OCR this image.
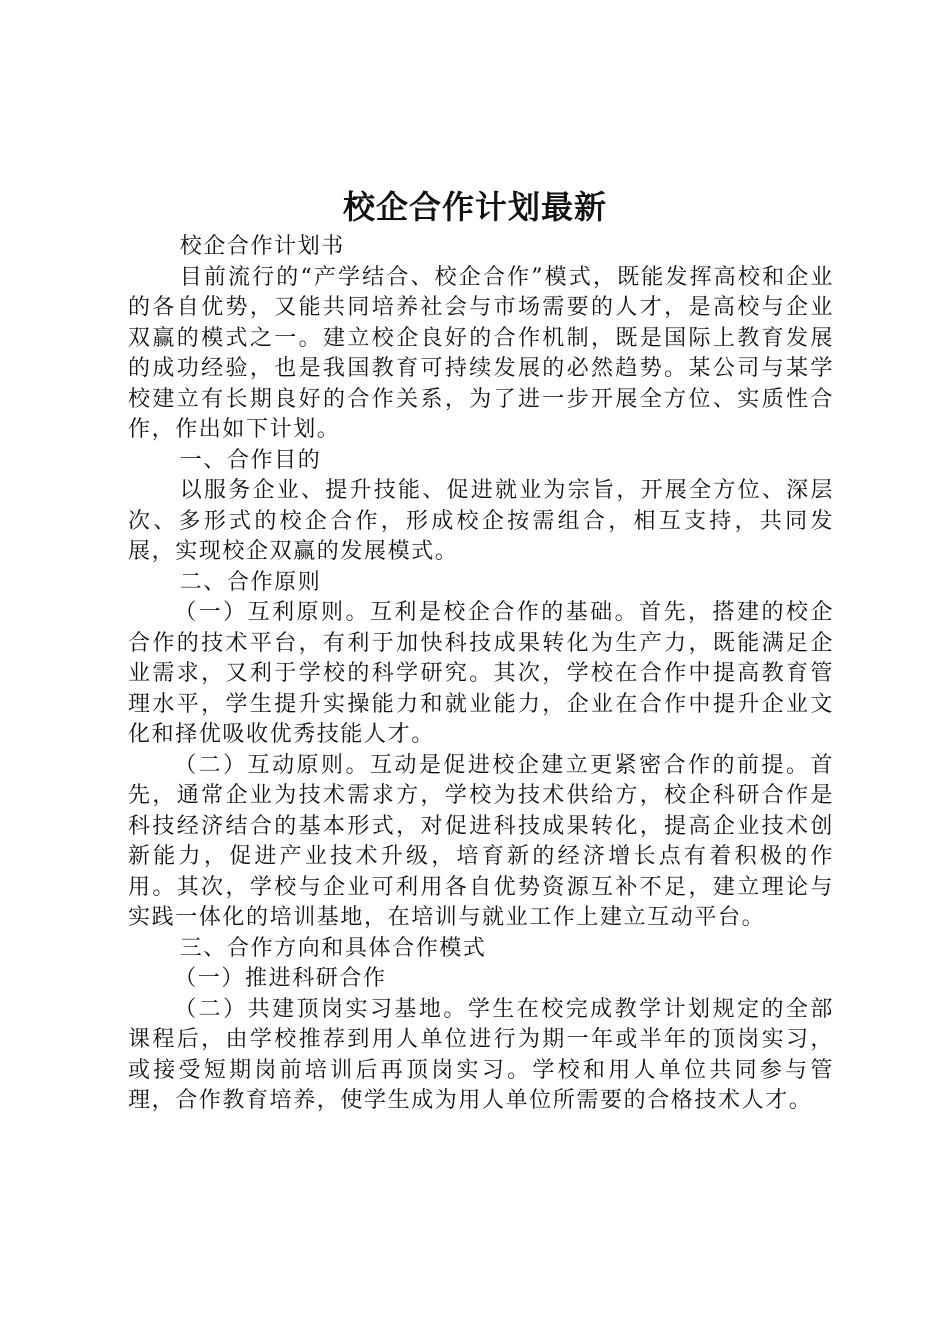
校企合作计划最新

校企合作计划书

目前流行的“产学结合、校企合作”模式，既能发挥高校和企业的各自优势，又能共同培养社会与市场需要的人才，是高校与企业双赢的模式之一。建立校企良好的合作机制，既是国际上教育发展的成功经验，也是我国教育可持续发展的必然趋势。某公司与某学校建立有长期良好的合作关系，为了进一步开展全方位、实质性合作，作出如下计划。

一、合作目的

以服务企业、提升技能、促进就业为宗旨，开展全方位、深层次、多形式的校企合作，形成校企按需组合，相互支持，共同发展，实现校企双赢的发展模式。

二、合作原则

（一）互利原则。互利是校企合作的基础。首先，搭建的校企合作的技术平台，有利于加快科技成果转化为生产力，既能满足企业需求，又利于学校的科学研究。其次，学校在合作中提高教育管理水平，学生提升实操能力和就业能力，企业在合作中提升企业文化和择优吸收优秀技能人才。

（二）互动原则。互动是促进校企建立更紧密合作的前提。首先，通常企业为技术需求方，学校为技术供给方，校企科研合作是科技经济结合的基本形式，对促进科技成果转化，提高企业技术创新能力，促进产业技术升级，培育新的经济增长点有着积极的作用。其次，学校与企业可利用各自优势资源互补不足，建立理论与实践一体化的培训基地，在培训与就业工作上建立互动平台。

三、合作方向和具体合作模式

（一）推进科研合作

（二）共建顶岗实习基地。学生在校完成教学计划规定的全部课程后，由学校推荐到用人单位进行为期一年或半年的顶岗实习，或接受短期岗前培训后再顶岗实习。学校和用人单位共同参与管理，合作教育培养，使学生成为用人单位所需要的合格技术人才。
